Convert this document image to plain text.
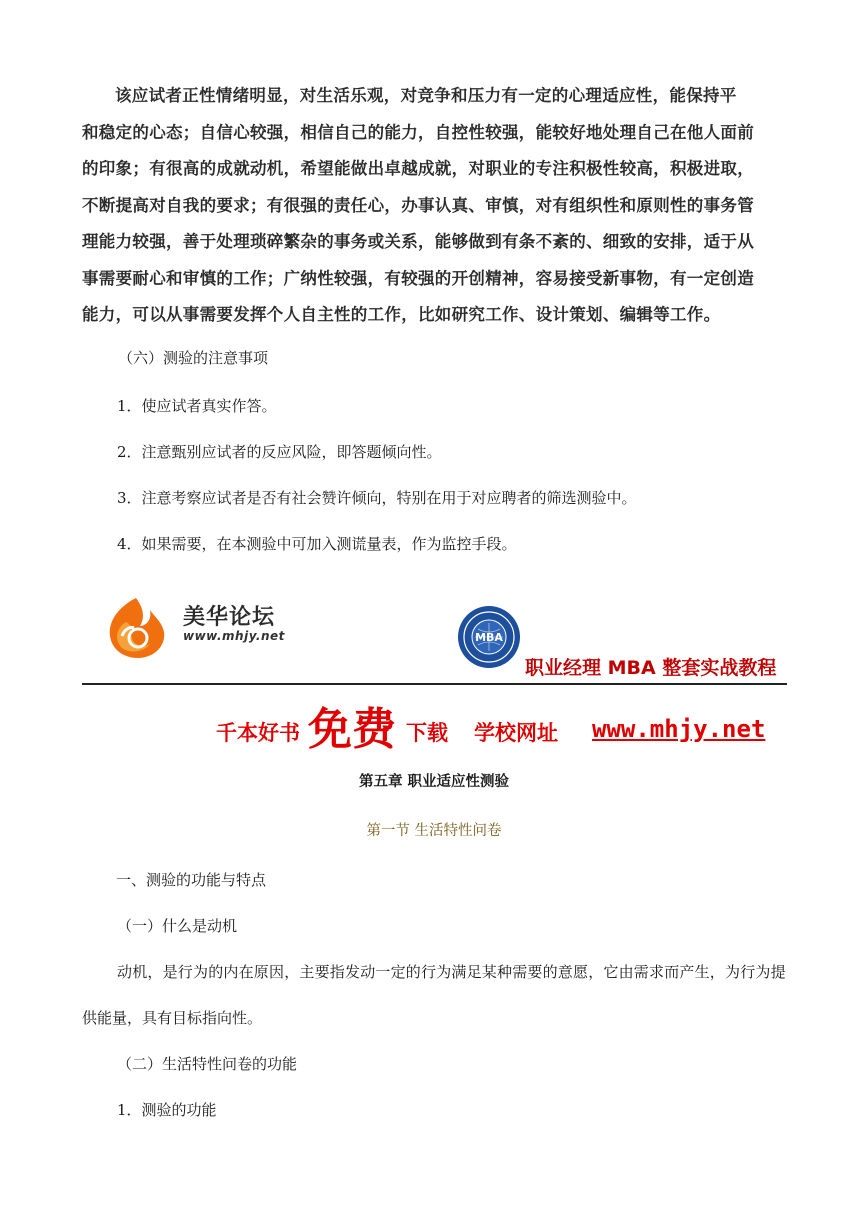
该应试者正性情绪明显，对生活乐观，对竞争和压力有一定的心理适应性，能保持平

和稳定的心态；自信心较强，相信自己的能力，自控性较强，能较好地处理自己在他人面前

的印象；有很高的成就动机，希望能做出卓越成就，对职业的专注积极性较高，积极进取，

不断提高对自我的要求；有很强的责任心，办事认真、审慎，对有组织性和原则性的事务管

理能力较强，善于处理琐碎繁杂的事务或关系，能够做到有条不紊的、细致的安排，适于从

事需要耐心和审慎的工作；广纳性较强，有较强的开创精神，容易接受新事物，有一定创造

能力，可以从事需要发挥个人自主性的工作，比如研究工作、设计策划、编辑等工作。

（六）测验的注意事项

1．使应试者真实作答。

2．注意甄别应试者的反应风险，即答题倾向性。

3．注意考察应试者是否有社会赞许倾向，特别在用于对应聘者的筛选测验中。

4．如果需要，在本测验中可加入测谎量表，作为监控手段。

美华论坛
www.mhjy.net	MBA
职业经理 MBA 整套实战教程
千本好书 免费 下载 学校网址 www.mhjy.net
第五章 职业适应性测验
第一节 生活特性问卷

一、测验的功能与特点

（一）什么是动机

动机，是行为的内在原因，主要指发动一定的行为满足某种需要的意愿，它由需求而产生，为行为提

供能量，具有目标指向性。

（二）生活特性问卷的功能

1．测验的功能
